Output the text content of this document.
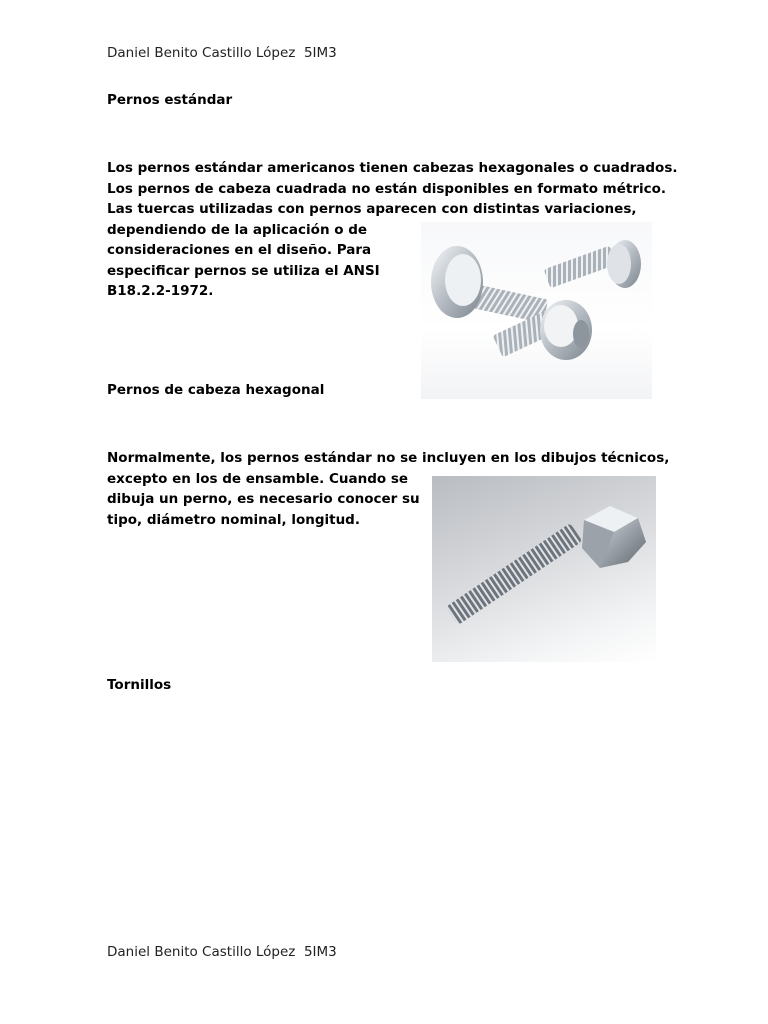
Daniel Benito Castillo López  5IM3
Pernos estándar
Los pernos estándar americanos tienen cabezas hexagonales o cuadrados.
Los pernos de cabeza cuadrada no están disponibles en formato métrico.
Las tuercas utilizadas con pernos aparecen con distintas variaciones,
dependiendo de la aplicación o de
consideraciones en el diseño. Para
especificar pernos se utiliza el ANSI
B18.2.2-1972.
Pernos de cabeza hexagonal
Normalmente, los pernos estándar no se incluyen en los dibujos técnicos,
excepto en los de ensamble. Cuando se
dibuja un perno, es necesario conocer su
tipo, diámetro nominal, longitud.
Tornillos
Daniel Benito Castillo López  5IM3
